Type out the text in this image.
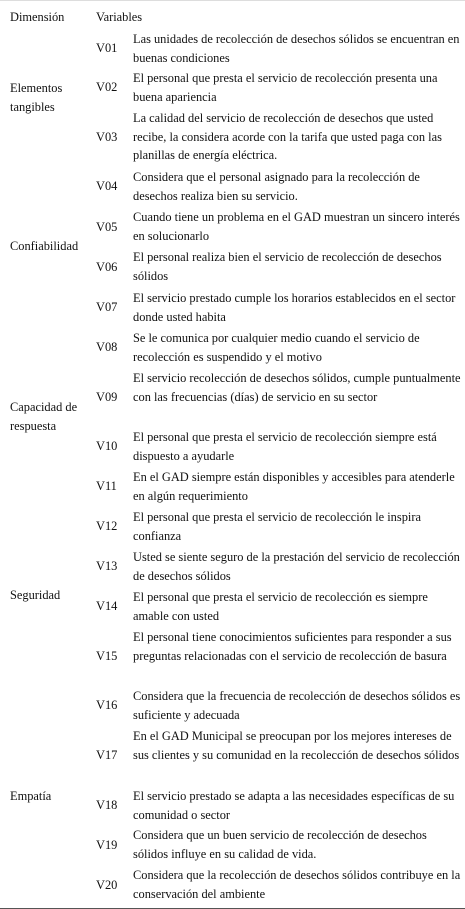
Dimensión	Variables
Elementos tangibles
Confiabilidad
Capacidad de respuesta
Seguridad
Empatía
V01
Las unidades de recolección de desechos sólidos se encuentran en buenas condiciones
V02
El personal que presta el servicio de recolección presenta una buena apariencia
V03
La calidad del servicio de recolección de desechos que usted recibe, la considera acorde con la tarifa que usted paga con las planillas de energía eléctrica.
V04
Considera que el personal asignado para la recolección de desechos realiza bien su servicio.
V05
Cuando tiene un problema en el GAD muestran un sincero interés en solucionarlo
V06
El personal realiza bien el servicio de recolección de desechos sólidos
V07
El servicio prestado cumple los horarios establecidos en el sector donde usted habita
V08
Se le comunica por cualquier medio cuando el servicio de recolección es suspendido y el motivo
V09
El servicio recolección de desechos sólidos, cumple puntualmente con las frecuencias (días) de servicio en su sector
V10
El personal que presta el servicio de recolección siempre está dispuesto a ayudarle
V11
En el GAD siempre están disponibles y accesibles para atenderle en algún requerimiento
V12
El personal que presta el servicio de recolección le inspira confianza
V13
Usted se siente seguro de la prestación del servicio de recolección de desechos sólidos
V14
El personal que presta el servicio de recolección es siempre amable con usted
V15
El personal tiene conocimientos suficientes para responder a sus preguntas relacionadas con el servicio de recolección de basura
V16
Considera que la frecuencia de recolección de desechos sólidos es suficiente y adecuada
V17
En el GAD Municipal se preocupan por los mejores intereses de sus clientes y su comunidad en la recolección de desechos sólidos
V18
El servicio prestado se adapta a las necesidades específicas de su comunidad o sector
V19
Considera que un buen servicio de recolección de desechos sólidos influye en su calidad de vida.
V20
Considera que la recolección de desechos sólidos contribuye en la conservación del ambiente
